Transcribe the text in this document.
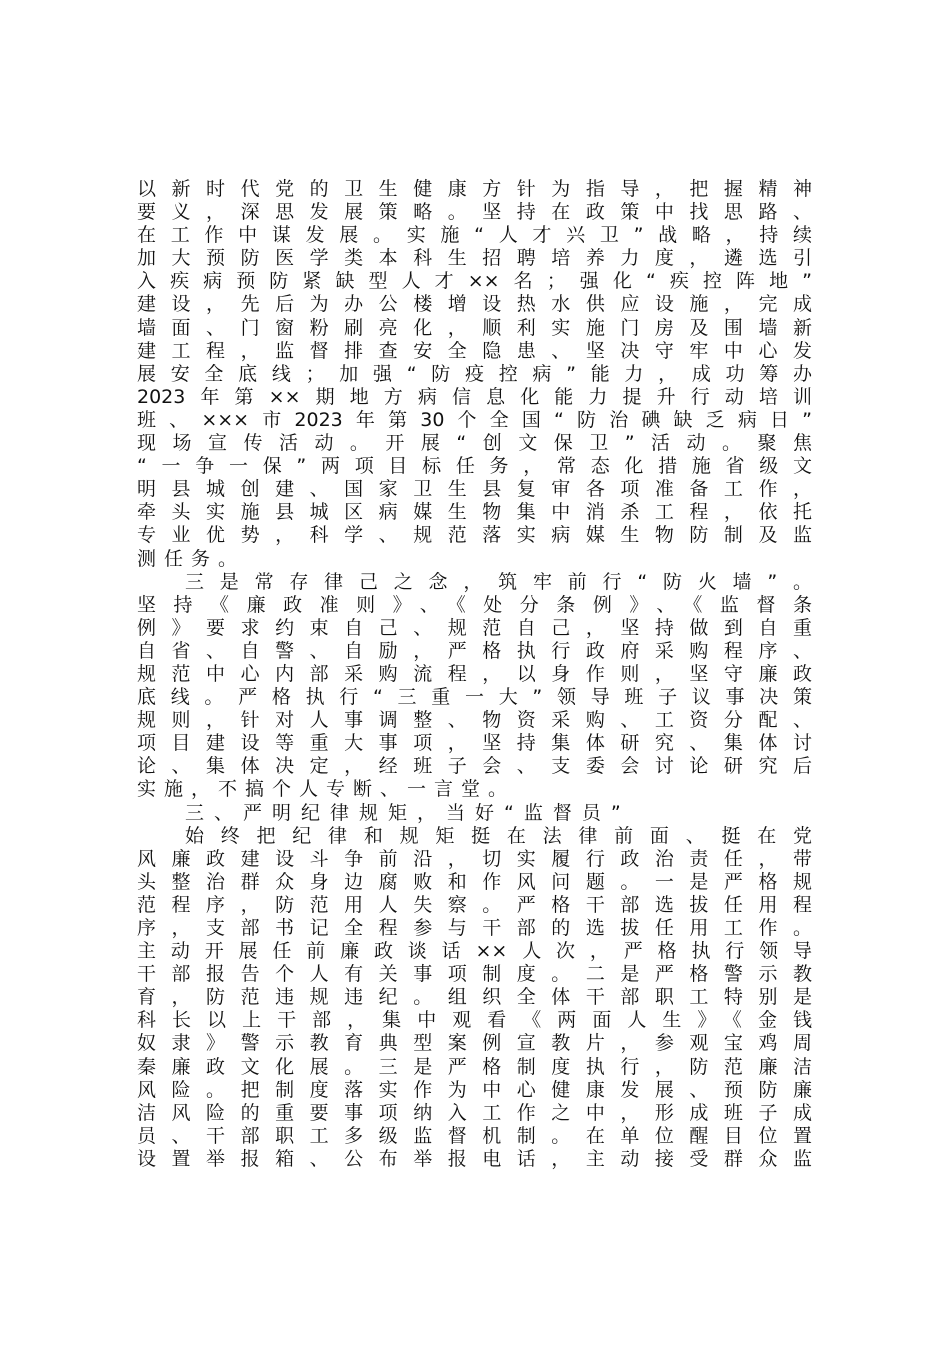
以新时代党的卫生健康方针为指导，把握精神
要义，深思发展策略。坚持在政策中找思路、
在工作中谋发展。实施“人才兴卫”战略，持续
加大预防医学类本科生招聘培养力度，遴选引
入疾病预防紧缺型人才××名；强化“疾控阵地”
建设，先后为办公楼增设热水供应设施，完成
墙面、门窗粉刷亮化，顺利实施门房及围墙新
建工程，监督排查安全隐患、坚决守牢中心发
展安全底线；加强“防疫控病”能力，成功筹办
2023年第××期地方病信息化能力提升行动培训
班、×××市2023年第30个全国“防治碘缺乏病日”
现场宣传活动。开展“创文保卫”活动。聚焦
“一争一保”两项目标任务，常态化措施省级文
明县城创建、国家卫生县复审各项准备工作，
牵头实施县城区病媒生物集中消杀工程，依托
专业优势，科学、规范落实病媒生物防制及监
测任务。
三是常存律己之念，筑牢前行“防火墙”。
坚持《廉政准则》、《处分条例》、《监督条
例》要求约束自己、规范自己，坚持做到自重
自省、自警、自励，严格执行政府采购程序、
规范中心内部采购流程，以身作则，坚守廉政
底线。严格执行“三重一大”领导班子议事决策
规则，针对人事调整、物资采购、工资分配、
项目建设等重大事项，坚持集体研究、集体讨
论、集体决定，经班子会、支委会讨论研究后
实施，不搞个人专断、一言堂。
三、严明纪律规矩，当好“监督员”
始终把纪律和规矩挺在法律前面、挺在党
风廉政建设斗争前沿，切实履行政治责任，带
头整治群众身边腐败和作风问题。一是严格规
范程序，防范用人失察。严格干部选拔任用程
序，支部书记全程参与干部的选拔任用工作。
主动开展任前廉政谈话××人次，严格执行领导
干部报告个人有关事项制度。二是严格警示教
育，防范违规违纪。组织全体干部职工特别是
科长以上干部，集中观看《两面人生》《金钱
奴隶》警示教育典型案例宣教片，参观宝鸡周
秦廉政文化展。三是严格制度执行，防范廉洁
风险。把制度落实作为中心健康发展、预防廉
洁风险的重要事项纳入工作之中，形成班子成
员、干部职工多级监督机制。在单位醒目位置
设置举报箱、公布举报电话，主动接受群众监
